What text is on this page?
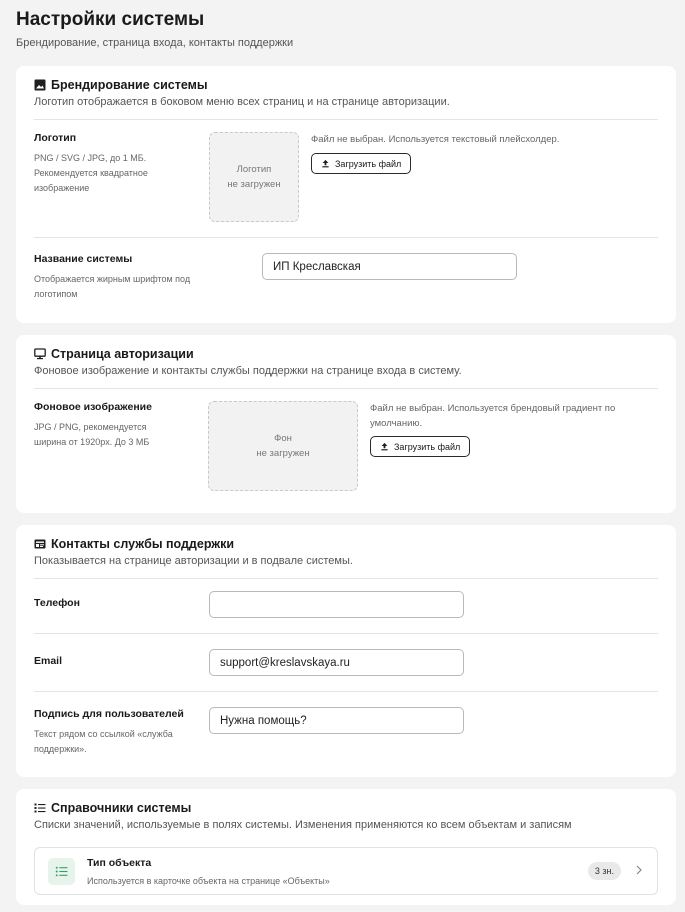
Настройки системы
Брендирование, страница входа, контакты поддержки
Брендирование системы
Логотип отображается в боковом меню всех страниц и на странице авторизации.
Логотип
PNG / SVG / JPG, до 1 МБ.
Рекомендуется квадратное
изображение
Логотип
не загружен
Файл не выбран. Используется текстовый плейсхолдер.
Загрузить файл
Название системы
Отображается жирным шрифтом под
логотипом
ИП Креславская
Страница авторизации
Фоновое изображение и контакты службы поддержки на странице входа в систему.
Фоновое изображение
JPG / PNG, рекомендуется
ширина от 1920px. До 3 МБ	Фон
не загружен
Файл не выбран. Используется брендовый градиент по
умолчанию.
Загрузить файл
Контакты службы поддержки
Показывается на странице авторизации и в подвале системы.
Телефон
Email
support@kreslavskaya.ru
Подпись для пользователей
Текст рядом со ссылкой «служба
поддержки».
Нужна помощь?
Справочники системы
Списки значений, используемые в полях системы. Изменения применяются ко всем объектам и записям
Тип объекта
Используется в карточке объекта на странице «Объекты»
3 зн.
